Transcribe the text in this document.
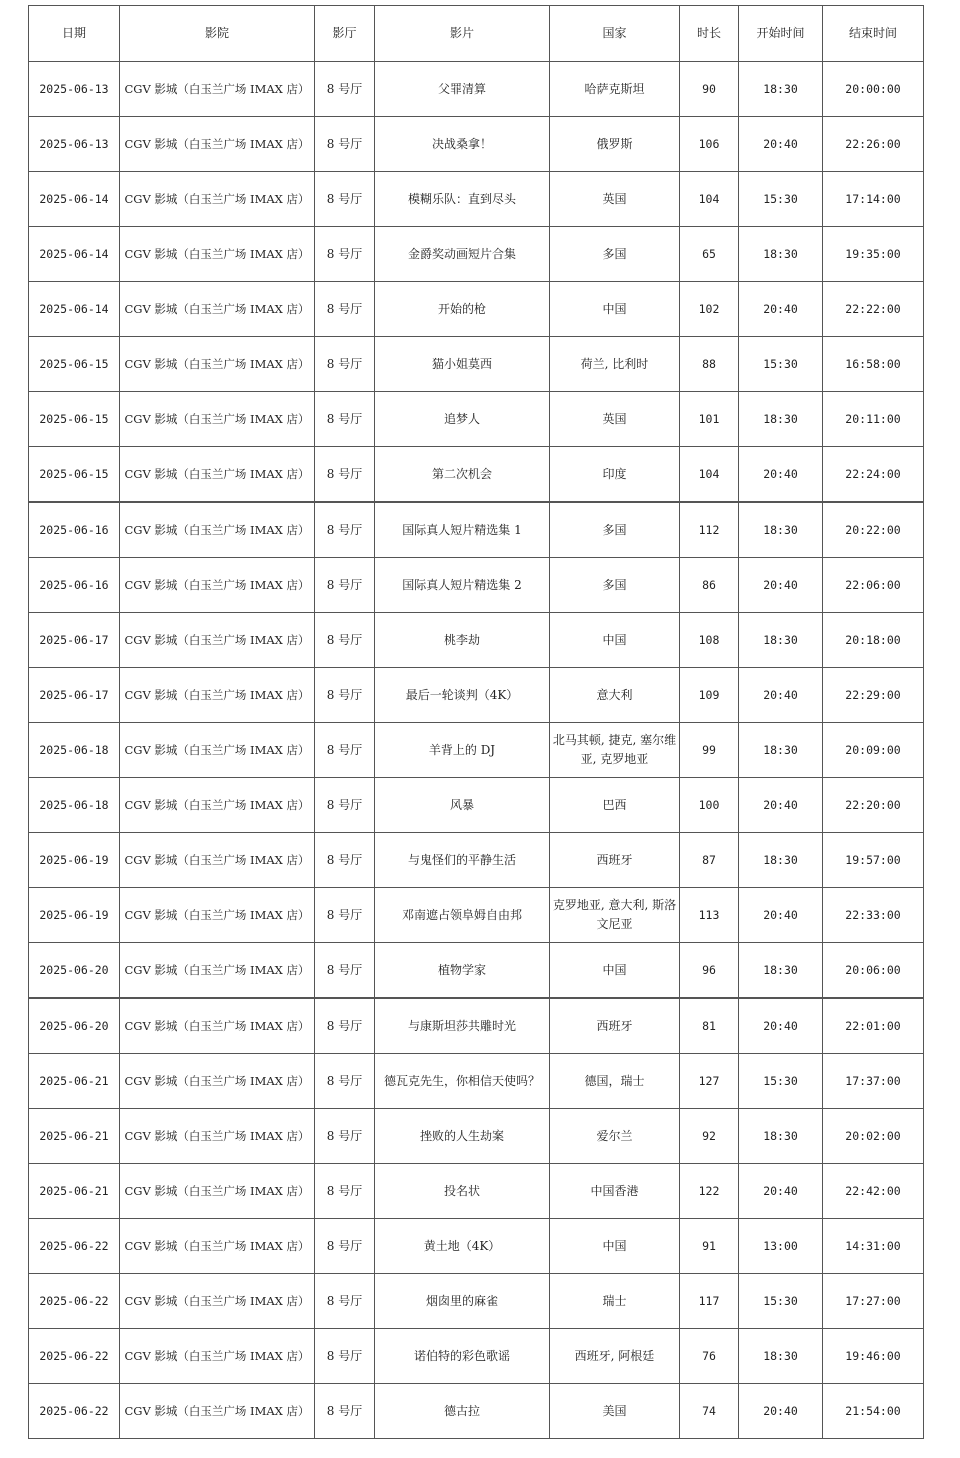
日期	影院	影厅	影片	国家	时长	开始时间	结束时间
2025-06-13	CGV 影城（白玉兰广场 IMAX 店）	8 号厅	父罪清算	哈萨克斯坦	90	18:30	20:00:00
2025-06-13	CGV 影城（白玉兰广场 IMAX 店）	8 号厅	决战桑拿！	俄罗斯	106	20:40	22:26:00
2025-06-14	CGV 影城（白玉兰广场 IMAX 店）	8 号厅	模糊乐队：直到尽头	英国	104	15:30	17:14:00
2025-06-14	CGV 影城（白玉兰广场 IMAX 店）	8 号厅	金爵奖动画短片合集	多国	65	18:30	19:35:00
2025-06-14	CGV 影城（白玉兰广场 IMAX 店）	8 号厅	开始的枪	中国	102	20:40	22:22:00
2025-06-15	CGV 影城（白玉兰广场 IMAX 店）	8 号厅	猫小姐莫西	荷兰, 比利时	88	15:30	16:58:00
2025-06-15	CGV 影城（白玉兰广场 IMAX 店）	8 号厅	追梦人	英国	101	18:30	20:11:00
2025-06-15	CGV 影城（白玉兰广场 IMAX 店）	8 号厅	第二次机会	印度	104	20:40	22:24:00
2025-06-16	CGV 影城（白玉兰广场 IMAX 店）	8 号厅	国际真人短片精选集 1	多国	112	18:30	20:22:00
2025-06-16	CGV 影城（白玉兰广场 IMAX 店）	8 号厅	国际真人短片精选集 2	多国	86	20:40	22:06:00
2025-06-17	CGV 影城（白玉兰广场 IMAX 店）	8 号厅	桃李劫	中国	108	18:30	20:18:00
2025-06-17	CGV 影城（白玉兰广场 IMAX 店）	8 号厅	最后一轮谈判（4K）	意大利	109	20:40	22:29:00
2025-06-18	CGV 影城（白玉兰广场 IMAX 店）	8 号厅	羊背上的 DJ	北马其顿, 捷克, 塞尔维亚, 克罗地亚	99	18:30	20:09:00
2025-06-18	CGV 影城（白玉兰广场 IMAX 店）	8 号厅	风暴	巴西	100	20:40	22:20:00
2025-06-19	CGV 影城（白玉兰广场 IMAX 店）	8 号厅	与鬼怪们的平静生活	西班牙	87	18:30	19:57:00
2025-06-19	CGV 影城（白玉兰广场 IMAX 店）	8 号厅	邓南遮占领阜姆自由邦	克罗地亚, 意大利, 斯洛文尼亚	113	20:40	22:33:00
2025-06-20	CGV 影城（白玉兰广场 IMAX 店）	8 号厅	植物学家	中国	96	18:30	20:06:00
2025-06-20	CGV 影城（白玉兰广场 IMAX 店）	8 号厅	与康斯坦莎共雕时光	西班牙	81	20:40	22:01:00
2025-06-21	CGV 影城（白玉兰广场 IMAX 店）	8 号厅	德瓦克先生，你相信天使吗？	德国，瑞士	127	15:30	17:37:00
2025-06-21	CGV 影城（白玉兰广场 IMAX 店）	8 号厅	挫败的人生劫案	爱尔兰	92	18:30	20:02:00
2025-06-21	CGV 影城（白玉兰广场 IMAX 店）	8 号厅	投名状	中国香港	122	20:40	22:42:00
2025-06-22	CGV 影城（白玉兰广场 IMAX 店）	8 号厅	黄土地（4K）	中国	91	13:00	14:31:00
2025-06-22	CGV 影城（白玉兰广场 IMAX 店）	8 号厅	烟囱里的麻雀	瑞士	117	15:30	17:27:00
2025-06-22	CGV 影城（白玉兰广场 IMAX 店）	8 号厅	诺伯特的彩色歌谣	西班牙, 阿根廷	76	18:30	19:46:00
2025-06-22	CGV 影城（白玉兰广场 IMAX 店）	8 号厅	德古拉	美国	74	20:40	21:54:00
